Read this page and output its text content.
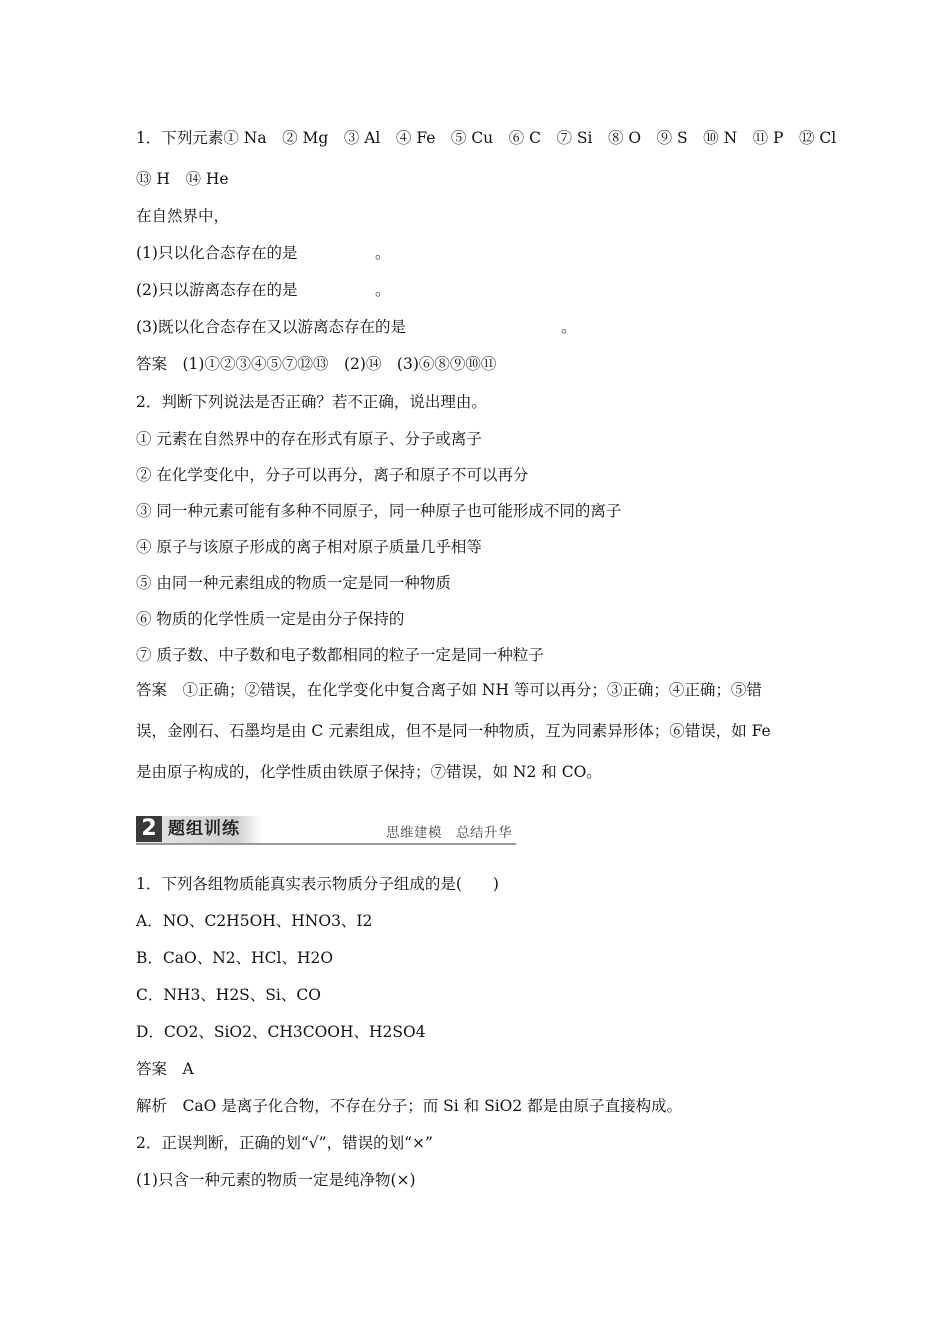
1．下列元素① Na　② Mg　③ Al　④ Fe　⑤ Cu　⑥ C　⑦ Si　⑧ O　⑨ S　⑩ N　⑪ P　⑫ Cl
⑬ H　⑭ He
在自然界中，
(1)只以化合态存在的是　　　　　。
(2)只以游离态存在的是　　　　　。
(3)既以化合态存在又以游离态存在的是　　　　　　　　　　。
答案　(1)①②③④⑤⑦⑫⑬　(2)⑭　(3)⑥⑧⑨⑩⑪
2．判断下列说法是否正确？若不正确，说出理由。
① 元素在自然界中的存在形式有原子、分子或离子
② 在化学变化中，分子可以再分，离子和原子不可以再分
③ 同一种元素可能有多种不同原子，同一种原子也可能形成不同的离子
④ 原子与该原子形成的离子相对原子质量几乎相等
⑤ 由同一种元素组成的物质一定是同一种物质
⑥ 物质的化学性质一定是由分子保持的
⑦ 质子数、中子数和电子数都相同的粒子一定是同一种粒子
答案　①正确；②错误，在化学变化中复合离子如 NH 等可以再分；③正确；④正确；⑤错
误，金刚石、石墨均是由 C 元素组成，但不是同一种物质，互为同素异形体；⑥错误，如 Fe
是由原子构成的，化学性质由铁原子保持；⑦错误，如 N2 和 CO。
2 题组训练	思维建模　总结升华
1．下列各组物质能真实表示物质分子组成的是(　　)
A．NO、C2H5OH、HNO3、I2
B．CaO、N2、HCl、H2O
C．NH3、H2S、Si、CO
D．CO2、SiO2、CH3COOH、H2SO4
答案　A
解析　CaO 是离子化合物，不存在分子；而 Si 和 SiO2 都是由原子直接构成。
2．正误判断，正确的划“√”，错误的划“×”
(1)只含一种元素的物质一定是纯净物(×)
